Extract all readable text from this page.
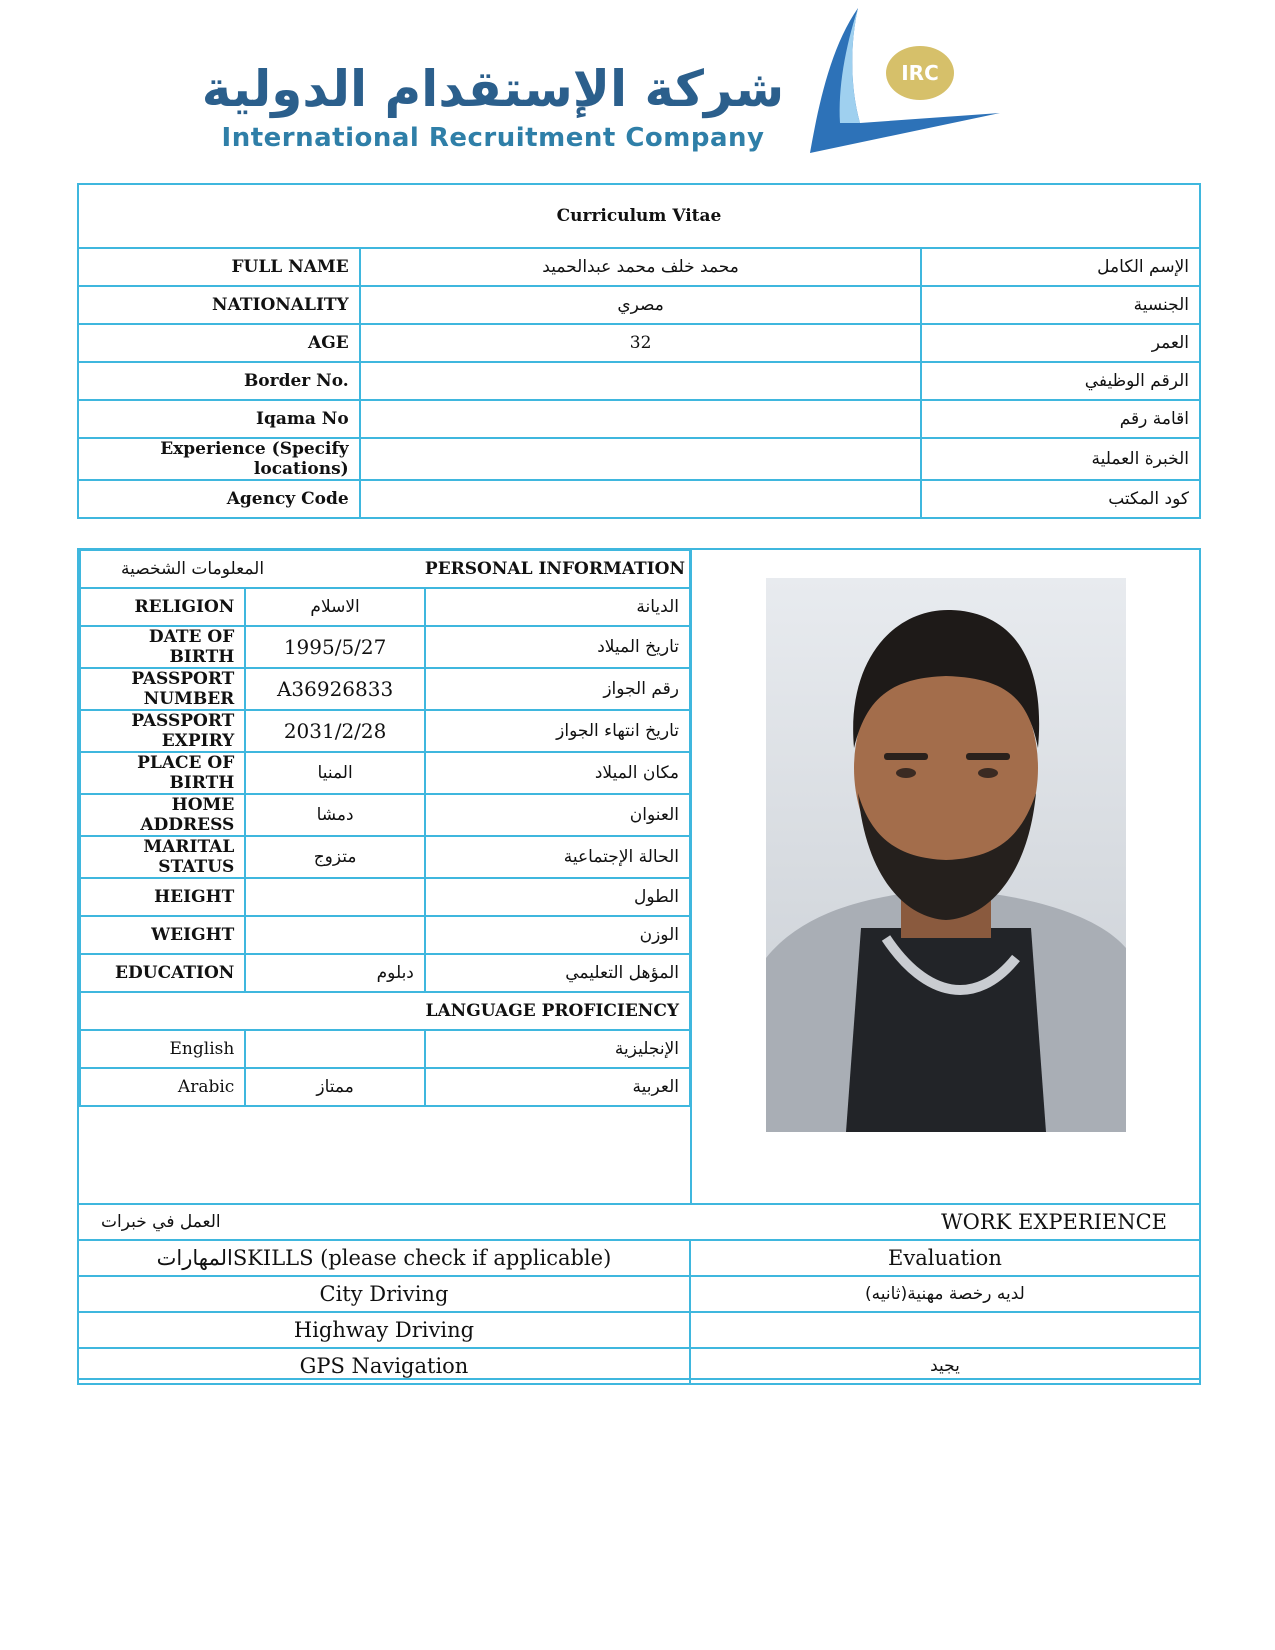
شركة الإستقدام الدولية
International Recruitment Company
IRC
Curriculum Vitae		
FULL NAME	محمد خلف محمد عبدالحميد	الإسم الكامل
NATIONALITY	مصري	الجنسية
AGE	32	العمر
Border No.		الرقم الوظيفي
Iqama No		اقامة رقم
Experience (Specify locations)		الخبرة العملية
Agency Code		كود المكتب
المعلومات الشخصية		PERSONAL INFORMATION
RELIGION	الاسلام	الديانة
DATE OF BIRTH	1995/5/27	تاريخ الميلاد
PASSPORT NUMBER	A36926833	رقم الجواز
PASSPORT EXPIRY	2031/2/28	تاريخ انتهاء الجواز
PLACE OF BIRTH	المنيا	مكان الميلاد
HOME ADDRESS	دمشا	العنوان
MARITAL STATUS	متزوج	الحالة الإجتماعية
HEIGHT		الطول
WEIGHT		الوزن
EDUCATION	دبلوم	المؤهل التعليمي
LANGUAGE PROFICIENCY		
English		الإنجليزية
Arabic	ممتاز	العربية
العمل في خبرات WORK EXPERIENCE	

المهاراتSKILLS (please check if applicable)	Evaluation
City Driving	لديه رخصة مهنية(ثانيه)
Highway Driving	
GPS Navigation	يجيد
